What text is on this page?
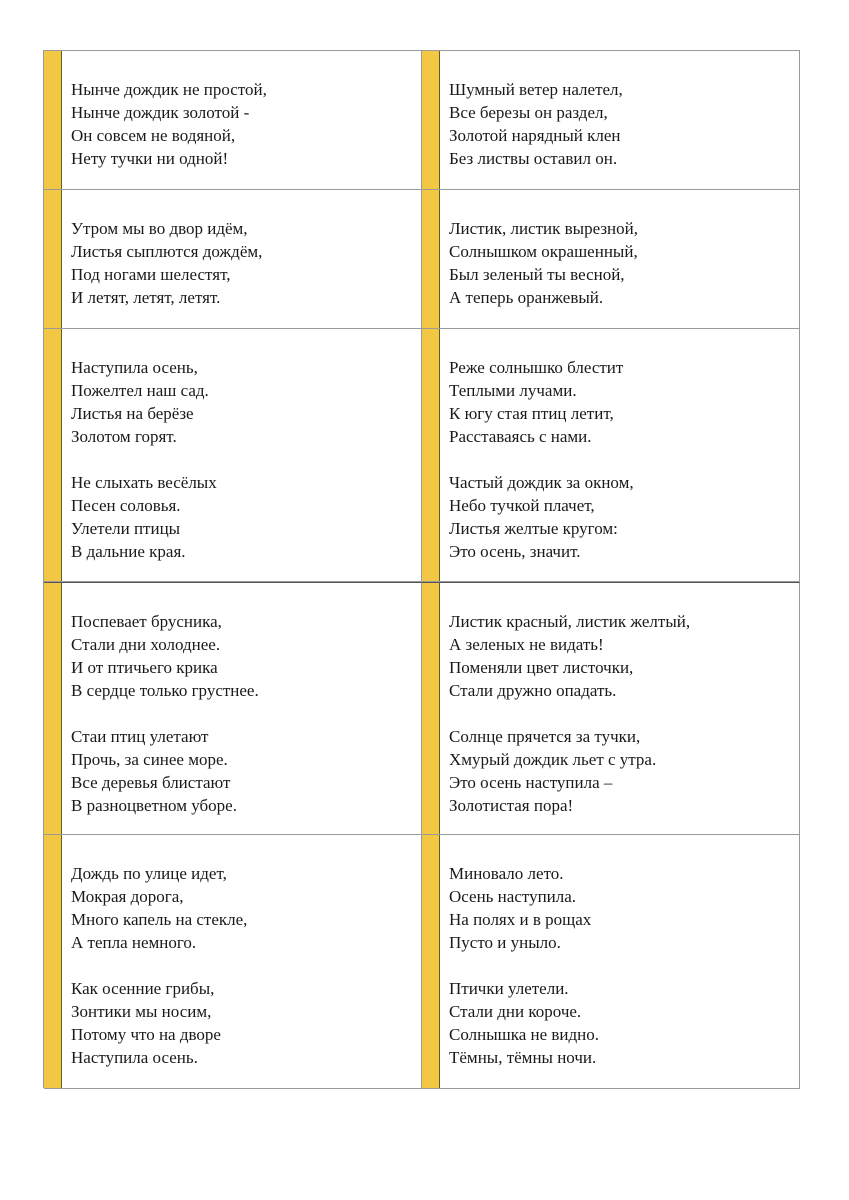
Нынче дождик не простой,
Нынче дождик золотой -
Он совсем не водяной,
Нету тучки ни одной!
Шумный ветер налетел,
Все березы он раздел,
Золотой нарядный клен
Без листвы оставил он.
Утром мы во двор идём,
Листья сыплются дождём,
Под ногами шелестят,
И летят, летят, летят.
Листик, листик вырезной,
Солнышком окрашенный,
Был зеленый ты весной,
А теперь оранжевый.
Наступила осень,
Пожелтел наш сад.
Листья на берёзе
Золотом горят.
Не слыхать весёлых
Песен соловья.
Улетели птицы
В дальние края.
Реже солнышко блестит
Теплыми лучами.
К югу стая птиц летит,
Расставаясь с нами.
Частый дождик за окном,
Небо тучкой плачет,
Листья желтые кругом:
Это осень, значит.
Поспевает брусника,
Стали дни холоднее.
И от птичьего крика
В сердце только грустнее.
Стаи птиц улетают
Прочь, за синее море.
Все деревья блистают
В разноцветном уборе.
Листик красный, листик желтый,
А зеленых не видать!
Поменяли цвет листочки,
Стали дружно опадать.
Солнце прячется за тучки,
Хмурый дождик льет с утра.
Это осень наступила –
Золотистая пора!
Дождь по улице идет,
Мокрая дорога,
Много капель на стекле,
А тепла немного.
Как осенние грибы,
Зонтики мы носим,
Потому что на дворе
Наступила осень.
Миновало лето.
Осень наступила.
На полях и в рощах
Пусто и уныло.
Птички улетели.
Стали дни короче.
Солнышка не видно.
Тёмны, тёмны ночи.
